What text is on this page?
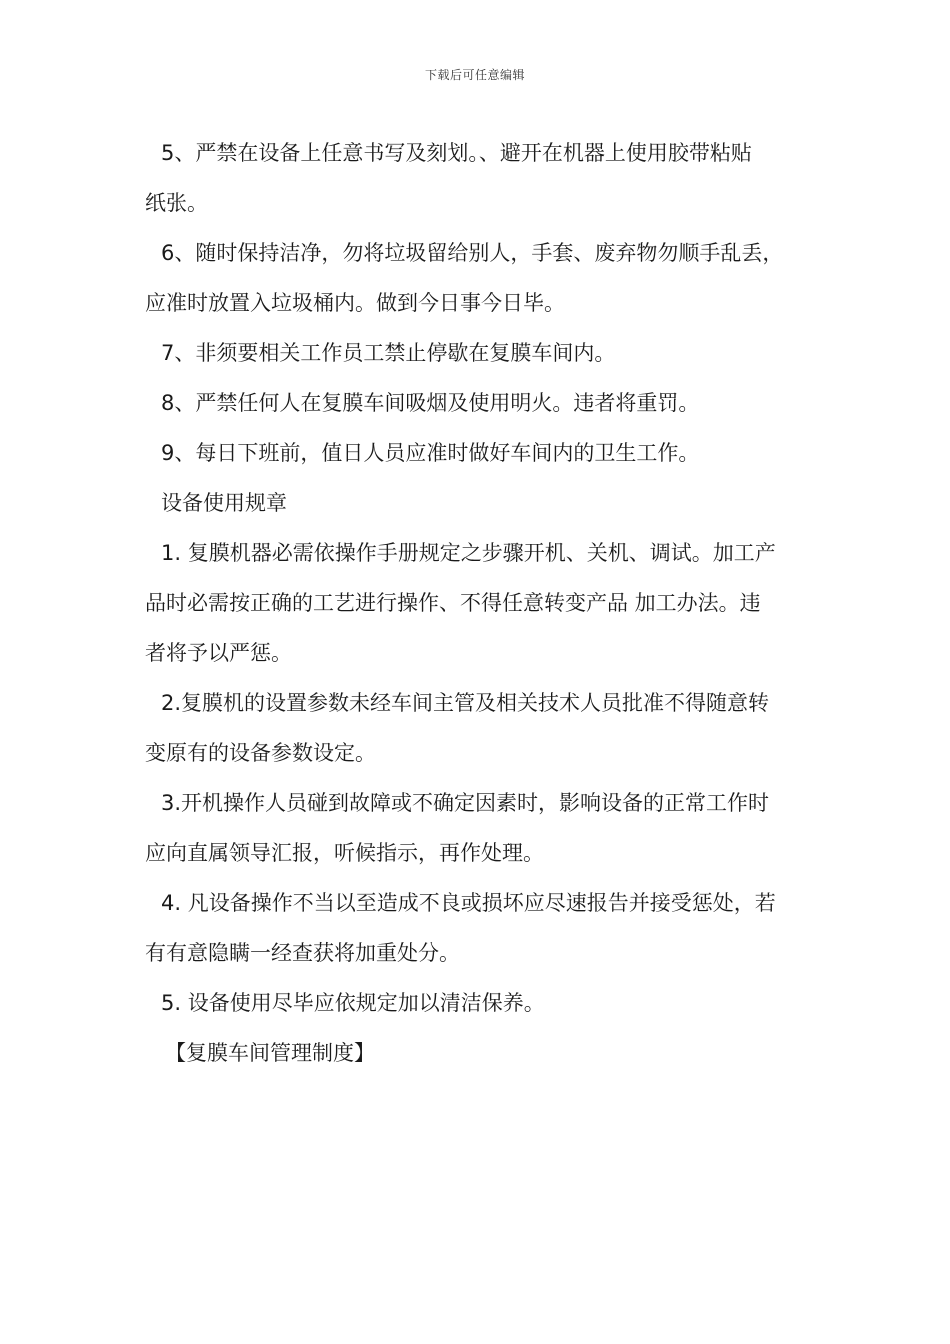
下载后可任意编辑
5、严禁在设备上任意书写及刻划。、避开在机器上使用胶带粘贴
纸张。
6、随时保持洁净，勿将垃圾留给别人，手套、废弃物勿顺手乱丢，
应准时放置入垃圾桶内。做到今日事今日毕。
7、非须要相关工作员工禁止停歇在复膜车间内。
8、严禁任何人在复膜车间吸烟及使用明火。违者将重罚。
9、每日下班前，值日人员应准时做好车间内的卫生工作。
设备使用规章
1. 复膜机器必需依操作手册规定之步骤开机、关机、调试。加工产
品时必需按正确的工艺进行操作、不得任意转变产品 加工办法。违
者将予以严惩。
2.复膜机的设置参数未经车间主管及相关技术人员批准不得随意转
变原有的设备参数设定。
3.开机操作人员碰到故障或不确定因素时，影响设备的正常工作时
应向直属领导汇报，听候指示，再作处理。
4. 凡设备操作不当以至造成不良或损坏应尽速报告并接受惩处，若
有有意隐瞒一经查获将加重处分。
5. 设备使用尽毕应依规定加以清洁保养。
【复膜车间管理制度】
